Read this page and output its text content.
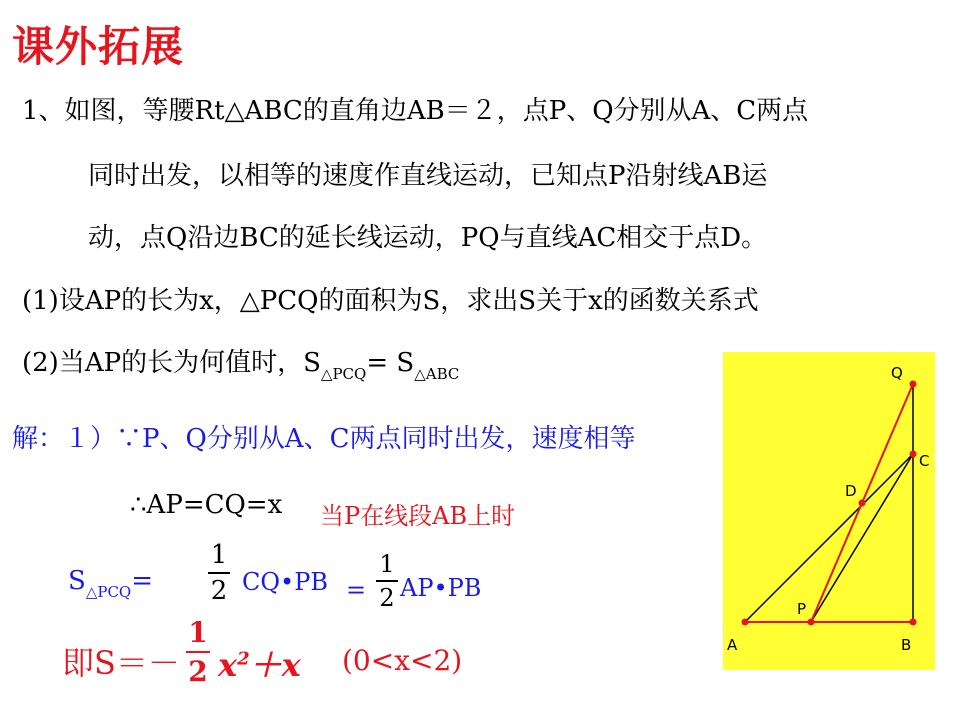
课外拓展
1、如图，等腰Rt△ABC的直角边AB＝２，点P、Q分别从A、C两点
同时出发，以相等的速度作直线运动，已知点P沿射线AB运
动，点Q沿边BC的延长线运动，PQ与直线AC相交于点D。
(1)设AP的长为x，△PCQ的面积为S，求出S关于x的函数关系式
(2)当AP的长为何值时，$S_{\triangle PCQ}= S_{\triangle ABC}$
解：１）∵P、Q分别从A、C两点同时出发，速度相等
∴AP=CQ=x 当P在线段AB上时
$S_{\triangle PCQ}=$
1
2 CQ•PB =
1
2 AP•PB
即S＝－
1
2 $x^2+x$ (0<x<2)
Q
C
D
P
A	B
